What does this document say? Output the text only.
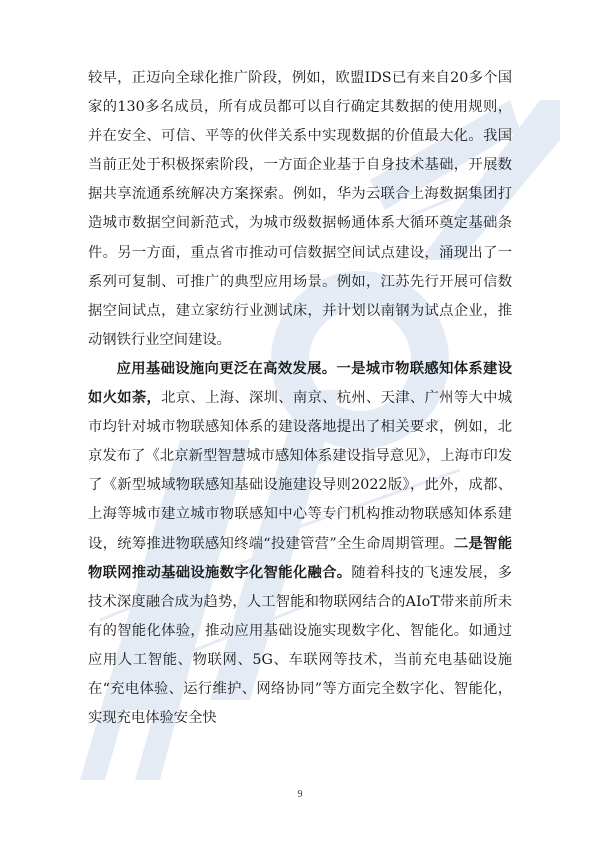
较早，正迈向全球化推广阶段，例如，欧盟IDS已有来自20多个国家的130多名成员，所有成员都可以自行确定其数据的使用规则，并在安全、可信、平等的伙伴关系中实现数据的价值最大化。我国当前正处于积极探索阶段，一方面企业基于自身技术基础，开展数据共享流通系统解决方案探索。例如，华为云联合上海数据集团打造城市数据空间新范式，为城市级数据畅通体系大循环奠定基础条件。另一方面，重点省市推动可信数据空间试点建设，涌现出了一系列可复制、可推广的典型应用场景。例如，江苏先行开展可信数据空间试点，建立家纺行业测试床，并计划以南钢为试点企业，推动钢铁行业空间建设。

应用基础设施向更泛在高效发展。一是城市物联感知体系建设如火如荼，北京、上海、深圳、南京、杭州、天津、广州等大中城市均针对城市物联感知体系的建设落地提出了相关要求，例如，北京发布了《北京新型智慧城市感知体系建设指导意见》，上海市印发了《新型城域物联感知基础设施建设导则2022版》，此外，成都、上海等城市建立城市物联感知中心等专门机构推动物联感知体系建设，统筹推进物联感知终端“投建管营”全生命周期管理。二是智能物联网推动基础设施数字化智能化融合。随着科技的飞速发展，多技术深度融合成为趋势，人工智能和物联网结合的AIoT带来前所未有的智能化体验，推动应用基础设施实现数字化、智能化。如通过应用人工智能、物联网、5G、车联网等技术，当前充电基础设施在“充电体验、运行维护、网络协同”等方面完全数字化、智能化，实现充电体验安全快

9
